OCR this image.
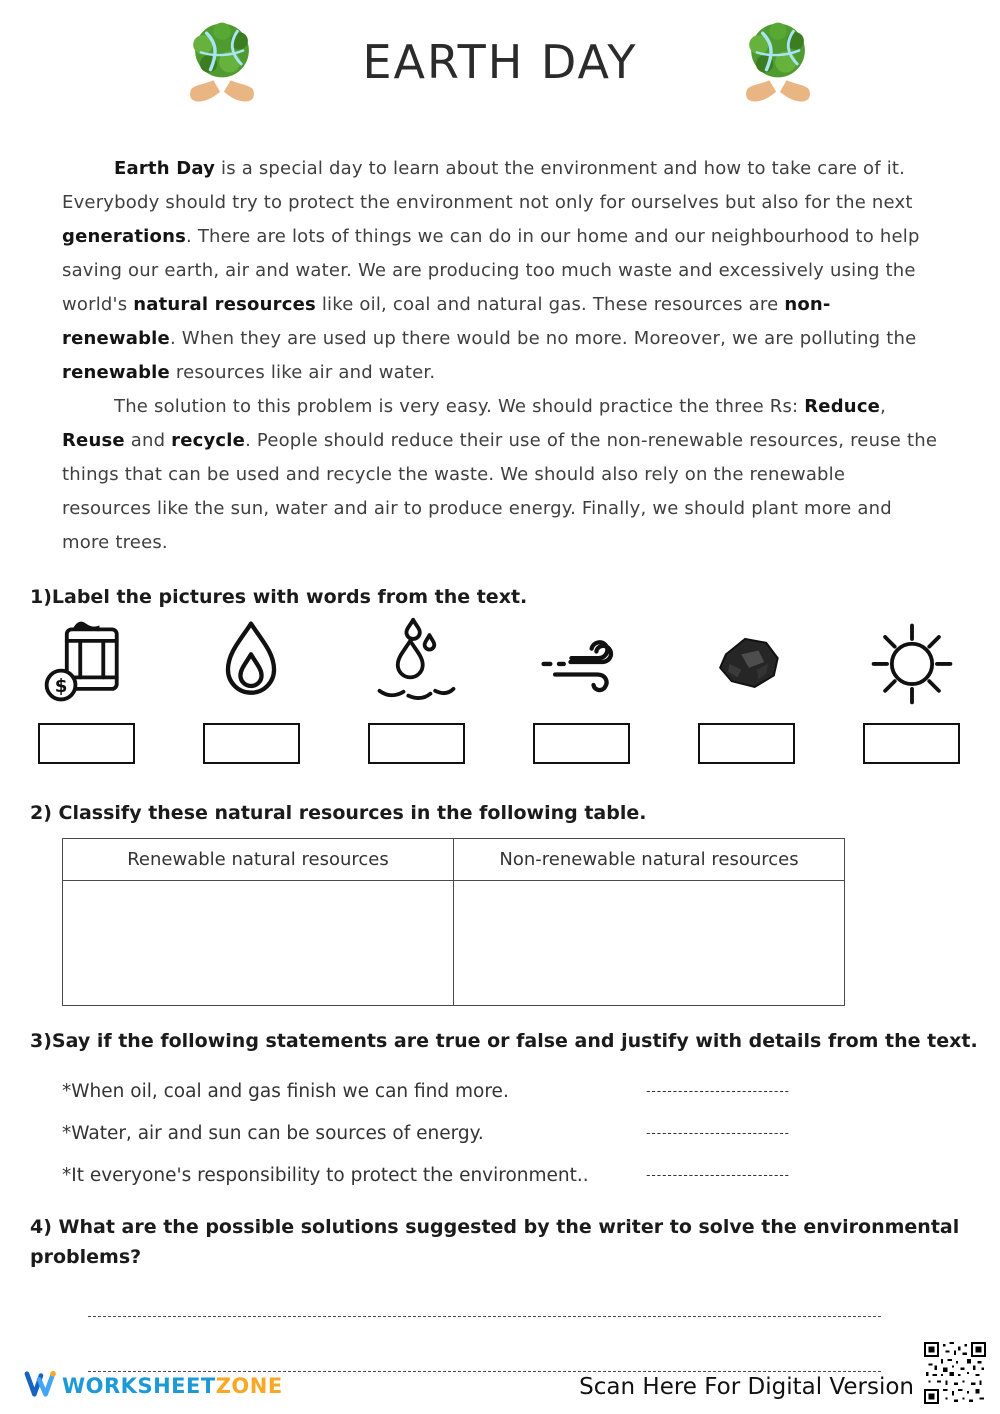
EARTH DAY

Earth Day is a special day to learn about the environment and how to take care of it. Everybody should try to protect the environment not only for ourselves but also for the next generations. There are lots of things we can do in our home and our neighbourhood to help saving our earth, air and water. We are producing too much waste and excessively using the world's natural resources like oil, coal and natural gas. These resources are non-renewable. When they are used up there would be no more. Moreover, we are polluting the renewable resources like air and water.

The solution to this problem is very easy. We should practice the three Rs: Reduce, Reuse and recycle. People should reduce their use of the non-renewable resources, reuse the things that can be used and recycle the waste. We should also rely on the renewable resources like the sun, water and air to produce energy. Finally, we should plant more and more trees.

1)Label the pictures with words from the text.
$
2) Classify these natural resources in the following table.
Renewable natural resources	Non-renewable natural resources

3)Say if the following statements are true or false and justify with details from the text.
*When oil, coal and gas finish we can find more.	---------------------------
*Water, air and sun can be sources of energy.	---------------------------
*It everyone's responsibility to protect the environment..	---------------------------
4) What are the possible solutions suggested by the writer to solve the environmental problems?
WORKSHEETZONE	Scan Here For Digital Version
